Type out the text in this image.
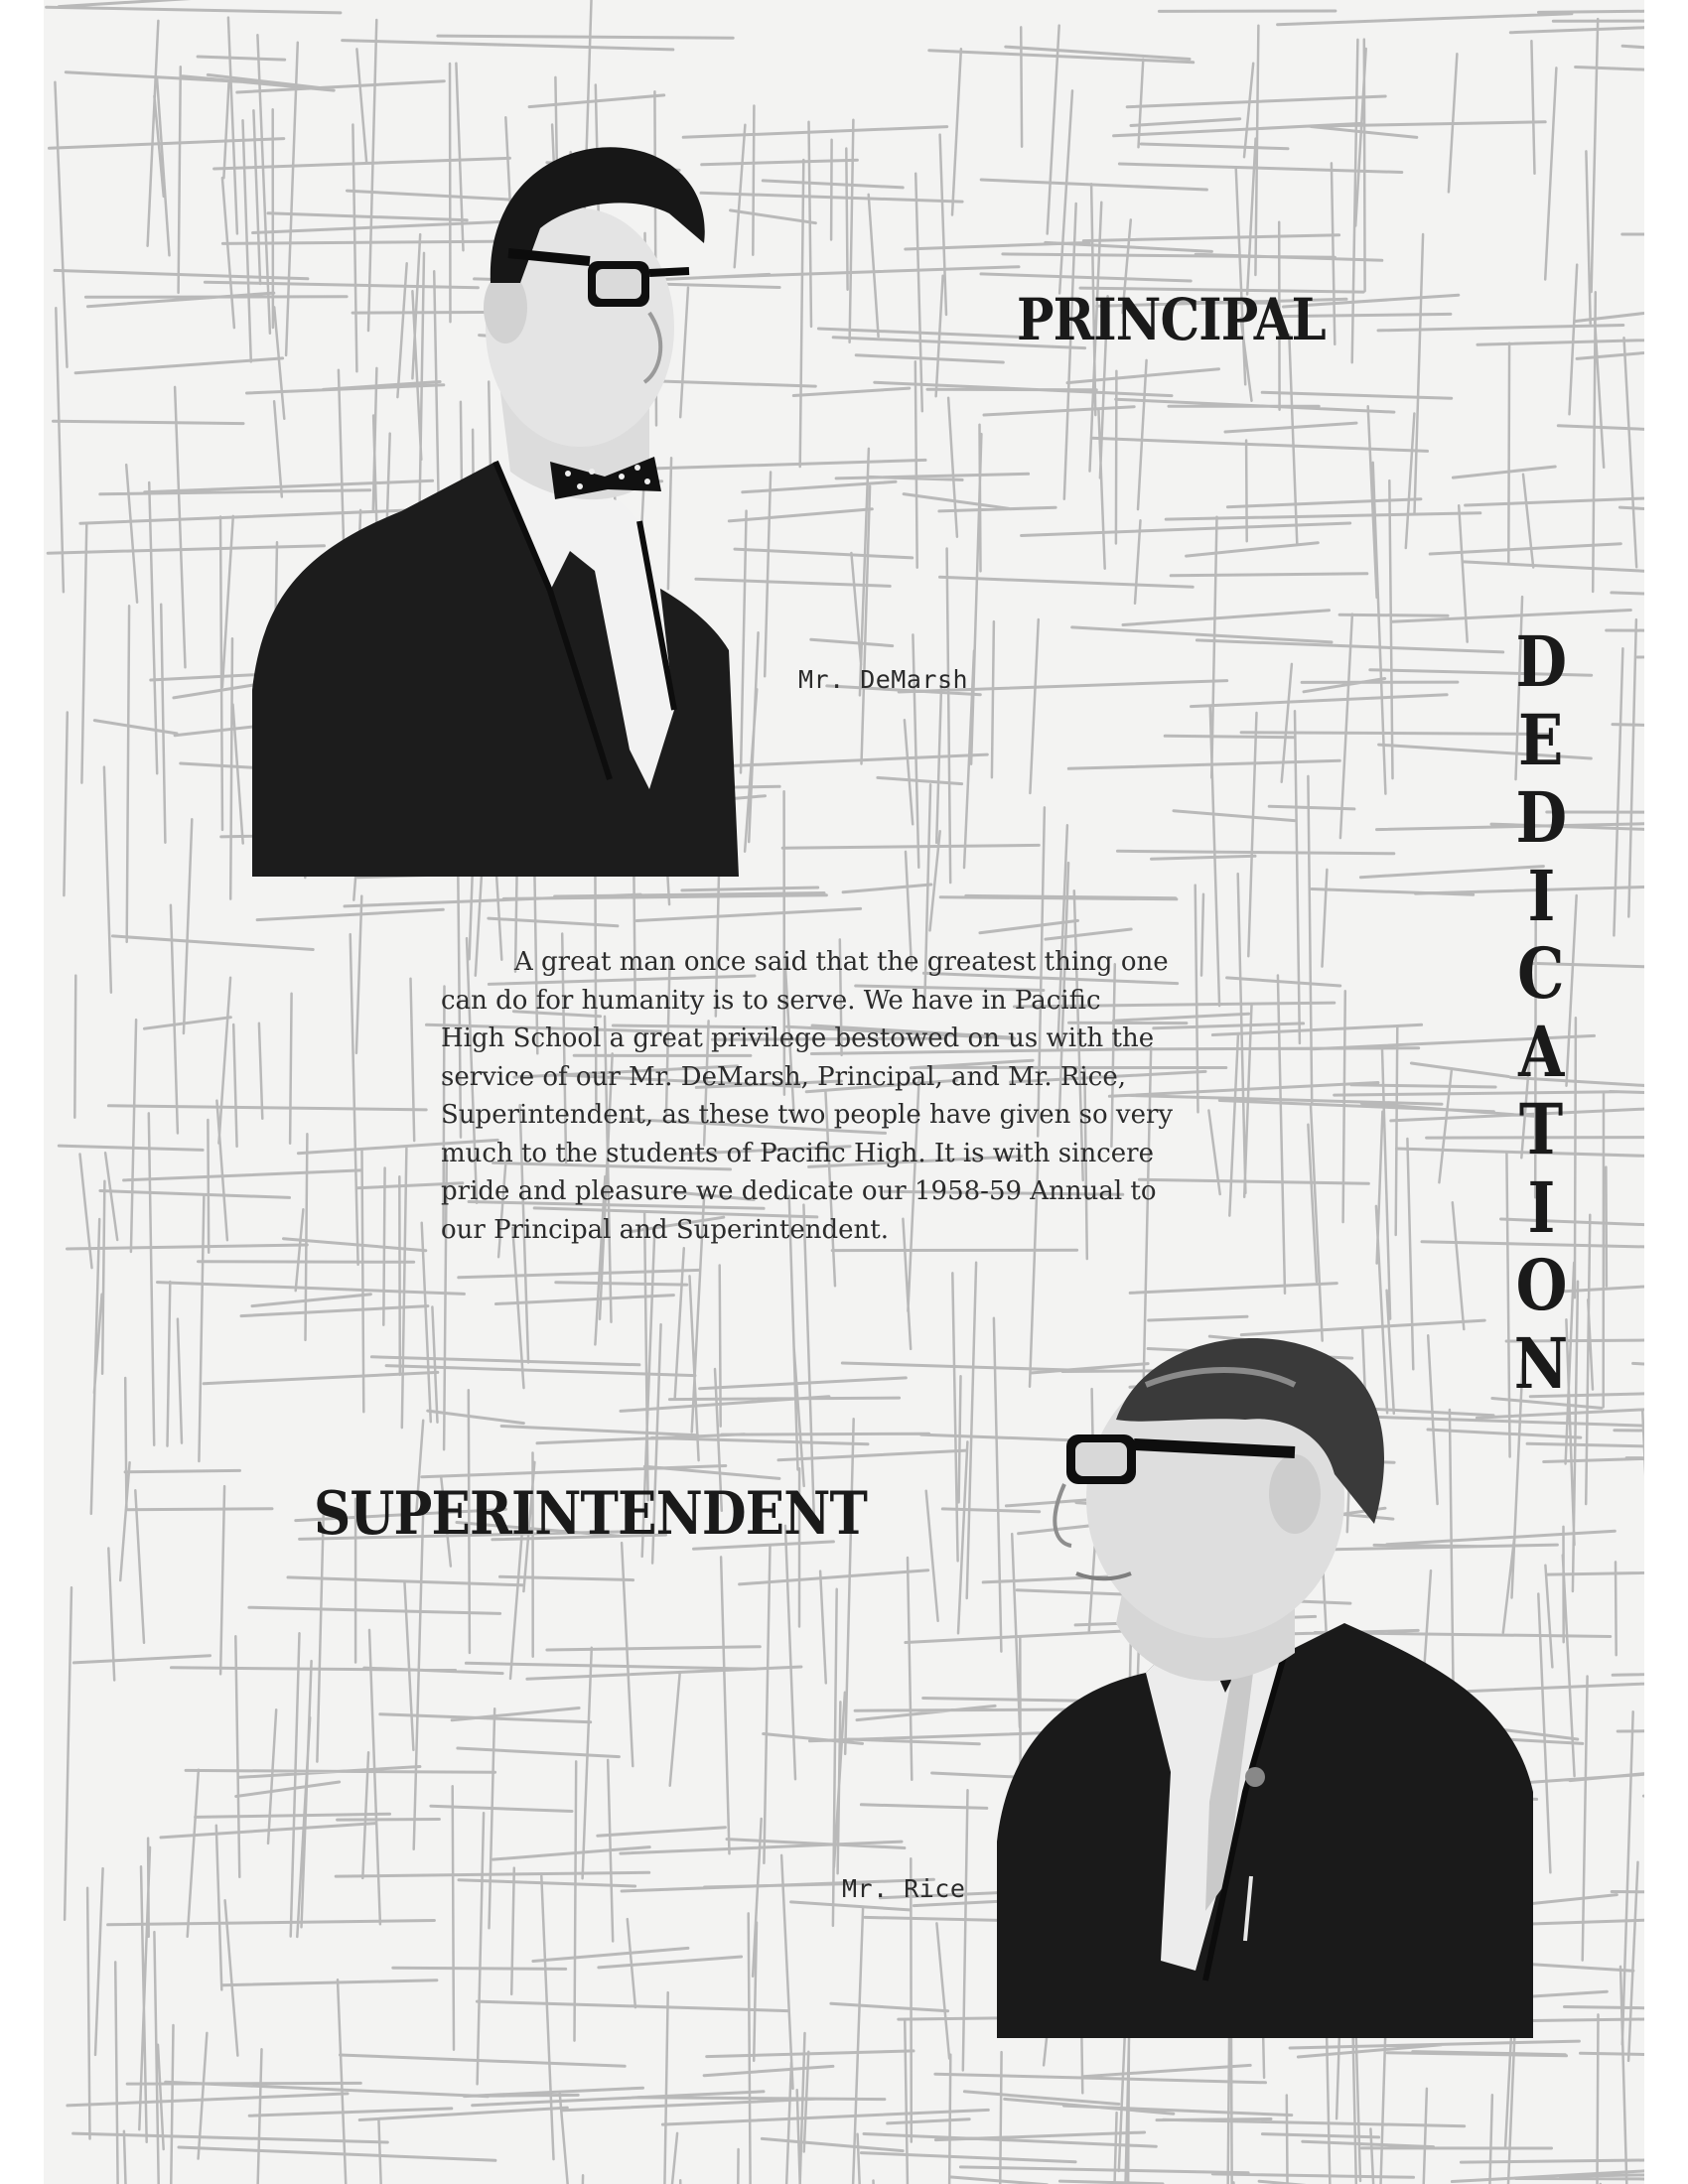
Mr. DeMarsh
PRINCIPAL
D
E
D
I
C
A
T
I
O
N

A great man once said that the greatest thing one
can do for humanity is to serve. We have in Pacific
High School a great privilege bestowed on us with the
service of our Mr. DeMarsh, Principal, and Mr. Rice,
Superintendent, as these two people have given so very
much to the students of Pacific High. It is with sincere
pride and pleasure we dedicate our 1958-59 Annual to
our Principal and Superintendent.

SUPERINTENDENT
Mr. Rice
